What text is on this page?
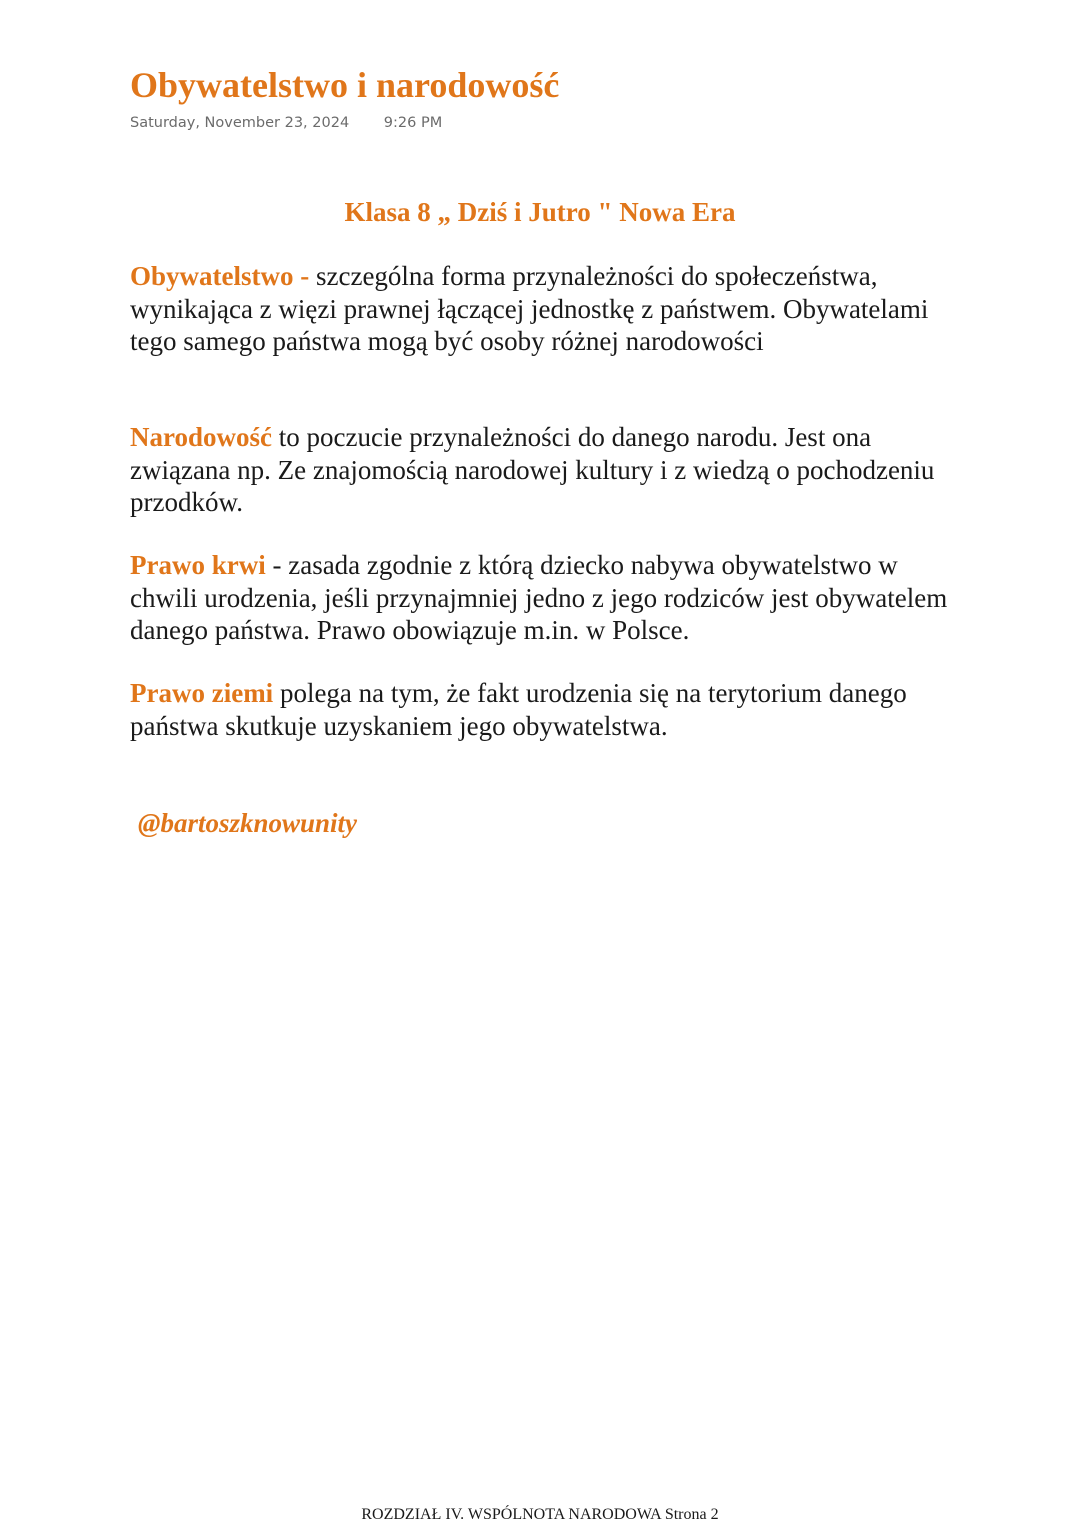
Obywatelstwo i narodowość
Saturday, November 23, 2024 9:26 PM
Klasa 8 „ Dziś i Jutro " Nowa Era

Obywatelstwo - szczególna forma przynależności do społeczeństwa, wynikająca z więzi prawnej łączącej jednostkę z państwem. Obywatelami tego samego państwa mogą być osoby różnej narodowości

Narodowość to poczucie przynależności do danego narodu. Jest ona związana np. Ze znajomością narodowej kultury i z wiedzą o pochodzeniu przodków.

Prawo krwi - zasada zgodnie z którą dziecko nabywa obywatelstwo w chwili urodzenia, jeśli przynajmniej jedno z jego rodziców jest obywatelem danego państwa. Prawo obowiązuje m.in. w Polsce.

Prawo ziemi polega na tym, że fakt urodzenia się na terytorium danego państwa skutkuje uzyskaniem jego obywatelstwa.

@bartoszknowunity
ROZDZIAŁ IV. WSPÓLNOTA NARODOWA Strona 2
